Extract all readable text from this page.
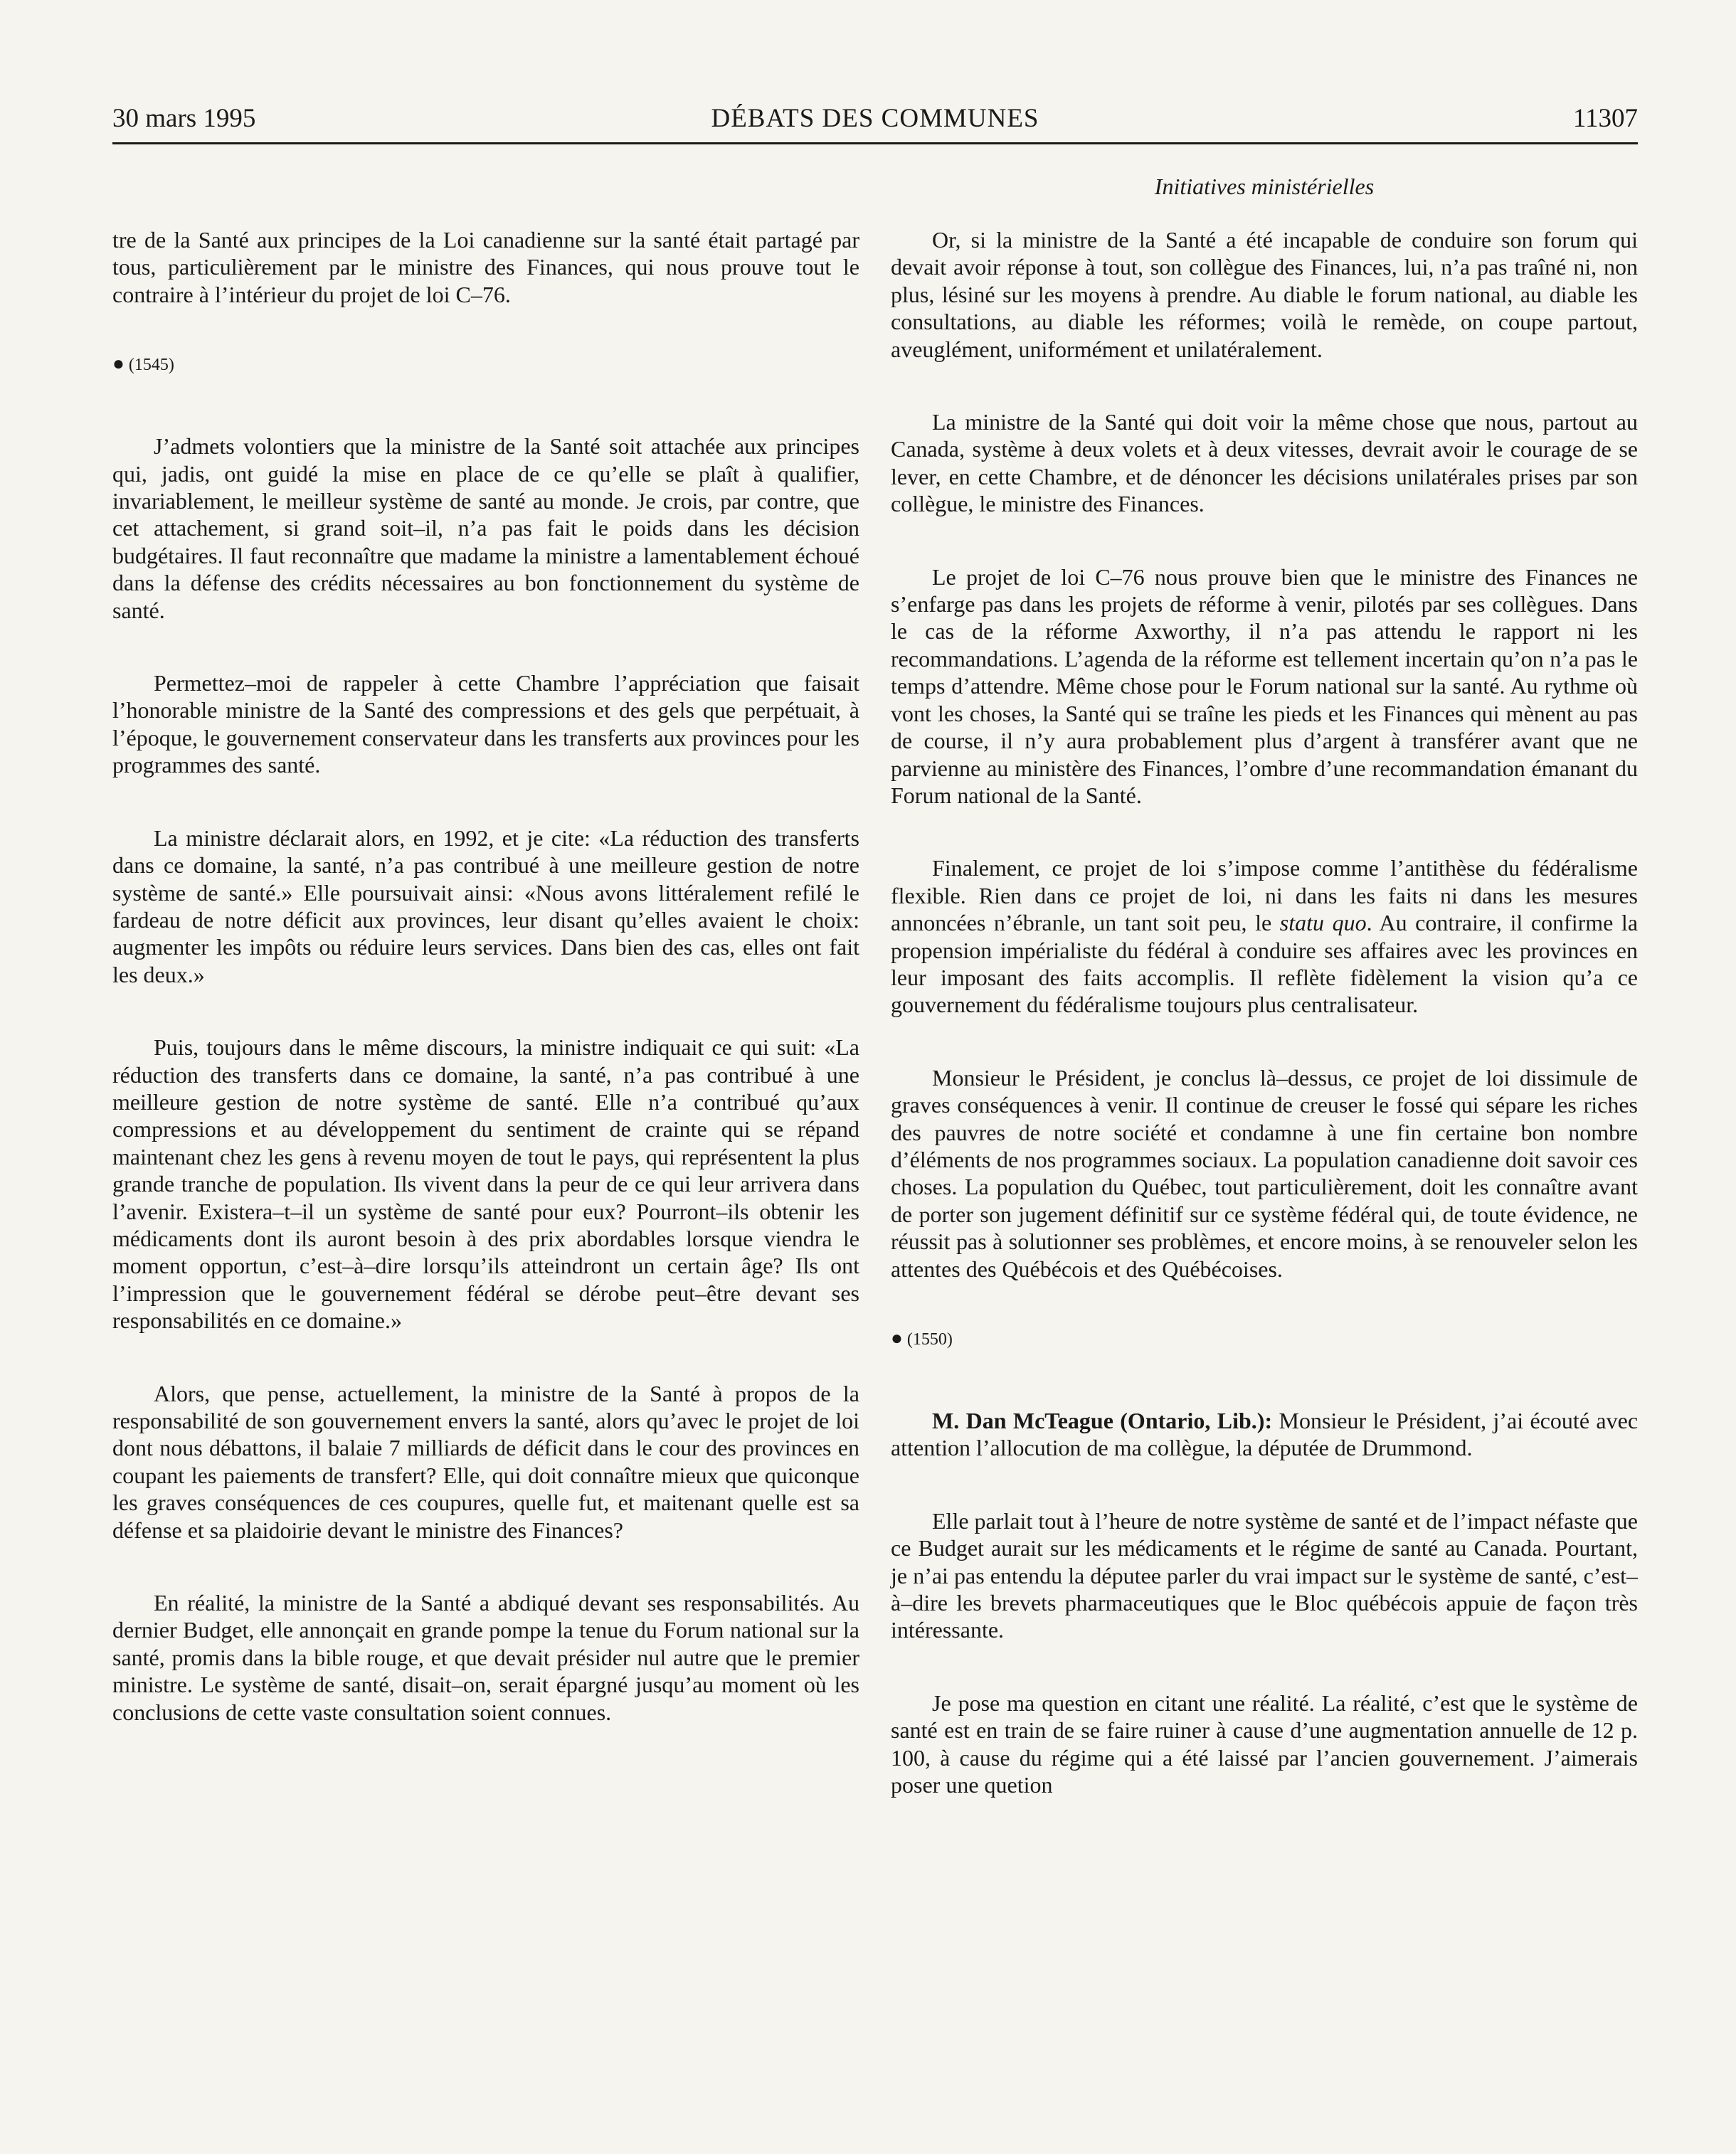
30 mars 1995	DÉBATS DES COMMUNES	11307
Initiatives ministérielles

tre de la Santé aux principes de la Loi canadienne sur la santé était partagé par tous, particulièrement par le ministre des Finances, qui nous prouve tout le contraire à l’intérieur du projet de loi C–76.

● (1545)

J’admets volontiers que la ministre de la Santé soit attachée aux principes qui, jadis, ont guidé la mise en place de ce qu’elle se plaît à qualifier, invariablement, le meilleur système de santé au monde. Je crois, par contre, que cet attachement, si grand soit–il, n’a pas fait le poids dans les décision budgétaires. Il faut reconnaître que madame la ministre a lamentablement échoué dans la défense des crédits nécessaires au bon fonctionnement du système de santé.

Permettez–moi de rappeler à cette Chambre l’appréciation que faisait l’honorable ministre de la Santé des compressions et des gels que perpétuait, à l’époque, le gouvernement conservateur dans les transferts aux provinces pour les programmes des santé.

La ministre déclarait alors, en 1992, et je cite: «La réduction des transferts dans ce domaine, la santé, n’a pas contribué à une meilleure gestion de notre système de santé.» Elle poursuivait ainsi: «Nous avons littéralement refilé le fardeau de notre déficit aux provinces, leur disant qu’elles avaient le choix: augmenter les impôts ou réduire leurs services. Dans bien des cas, elles ont fait les deux.»

Puis, toujours dans le même discours, la ministre indiquait ce qui suit: «La réduction des transferts dans ce domaine, la santé, n’a pas contribué à une meilleure gestion de notre système de santé. Elle n’a contribué qu’aux compressions et au développement du sentiment de crainte qui se répand maintenant chez les gens à revenu moyen de tout le pays, qui représentent la plus grande tranche de population. Ils vivent dans la peur de ce qui leur arrivera dans l’avenir. Existera–t–il un système de santé pour eux? Pourront–ils obtenir les médicaments dont ils auront besoin à des prix abordables lorsque viendra le moment opportun, c’est–à–dire lorsqu’ils atteindront un certain âge? Ils ont l’impression que le gouvernement fédéral se dérobe peut–être devant ses responsabilités en ce domaine.»

Alors, que pense, actuellement, la ministre de la Santé à propos de la responsabilité de son gouvernement envers la santé, alors qu’avec le projet de loi dont nous débattons, il balaie 7 milliards de déficit dans le cour des provinces en coupant les paiements de transfert? Elle, qui doit connaître mieux que quiconque les graves conséquences de ces coupures, quelle fut, et maitenant quelle est sa défense et sa plaidoirie devant le ministre des Finances?

En réalité, la ministre de la Santé a abdiqué devant ses responsabilités. Au dernier Budget, elle annonçait en grande pompe la tenue du Forum national sur la santé, promis dans la bible rouge, et que devait présider nul autre que le premier ministre. Le système de santé, disait–on, serait épargné jusqu’au moment où les conclusions de cette vaste consultation soient connues.

Or, si la ministre de la Santé a été incapable de conduire son forum qui devait avoir réponse à tout, son collègue des Finances, lui, n’a pas traîné ni, non plus, lésiné sur les moyens à prendre. Au diable le forum national, au diable les consultations, au diable les réformes; voilà le remède, on coupe partout, aveuglément, uniformément et unilatéralement.

La ministre de la Santé qui doit voir la même chose que nous, partout au Canada, système à deux volets et à deux vitesses, devrait avoir le courage de se lever, en cette Chambre, et de dénoncer les décisions unilatérales prises par son collègue, le ministre des Finances.

Le projet de loi C–76 nous prouve bien que le ministre des Finances ne s’enfarge pas dans les projets de réforme à venir, pilotés par ses collègues. Dans le cas de la réforme Axworthy, il n’a pas attendu le rapport ni les recommandations. L’agenda de la réforme est tellement incertain qu’on n’a pas le temps d’attendre. Même chose pour le Forum national sur la santé. Au rythme où vont les choses, la Santé qui se traîne les pieds et les Finances qui mènent au pas de course, il n’y aura probablement plus d’argent à transférer avant que ne parvienne au ministère des Finances, l’ombre d’une recommandation émanant du Forum national de la Santé.

Finalement, ce projet de loi s’impose comme l’antithèse du fédéralisme flexible. Rien dans ce projet de loi, ni dans les faits ni dans les mesures annoncées n’ébranle, un tant soit peu, le statu quo. Au contraire, il confirme la propension impérialiste du fédéral à conduire ses affaires avec les provinces en leur imposant des faits accomplis. Il reflète fidèlement la vision qu’a ce gouvernement du fédéralisme toujours plus centralisateur.

Monsieur le Président, je conclus là–dessus, ce projet de loi dissimule de graves conséquences à venir. Il continue de creuser le fossé qui sépare les riches des pauvres de notre société et condamne à une fin certaine bon nombre d’éléments de nos programmes sociaux. La population canadienne doit savoir ces choses. La population du Québec, tout particulièrement, doit les connaître avant de porter son jugement définitif sur ce système fédéral qui, de toute évidence, ne réussit pas à solutionner ses problèmes, et encore moins, à se renouveler selon les attentes des Québécois et des Québécoises.

● (1550)

M. Dan McTeague (Ontario, Lib.): Monsieur le Président, j’ai écouté avec attention l’allocution de ma collègue, la députée de Drummond.

Elle parlait tout à l’heure de notre système de santé et de l’impact néfaste que ce Budget aurait sur les médicaments et le régime de santé au Canada. Pourtant, je n’ai pas entendu la députee parler du vrai impact sur le système de santé, c’est–à–dire les brevets pharmaceutiques que le Bloc québécois appuie de façon très intéressante.

Je pose ma question en citant une réalité. La réalité, c’est que le système de santé est en train de se faire ruiner à cause d’une augmentation annuelle de 12 p. 100, à cause du régime qui a été laissé par l’ancien gouvernement. J’aimerais poser une quetion
